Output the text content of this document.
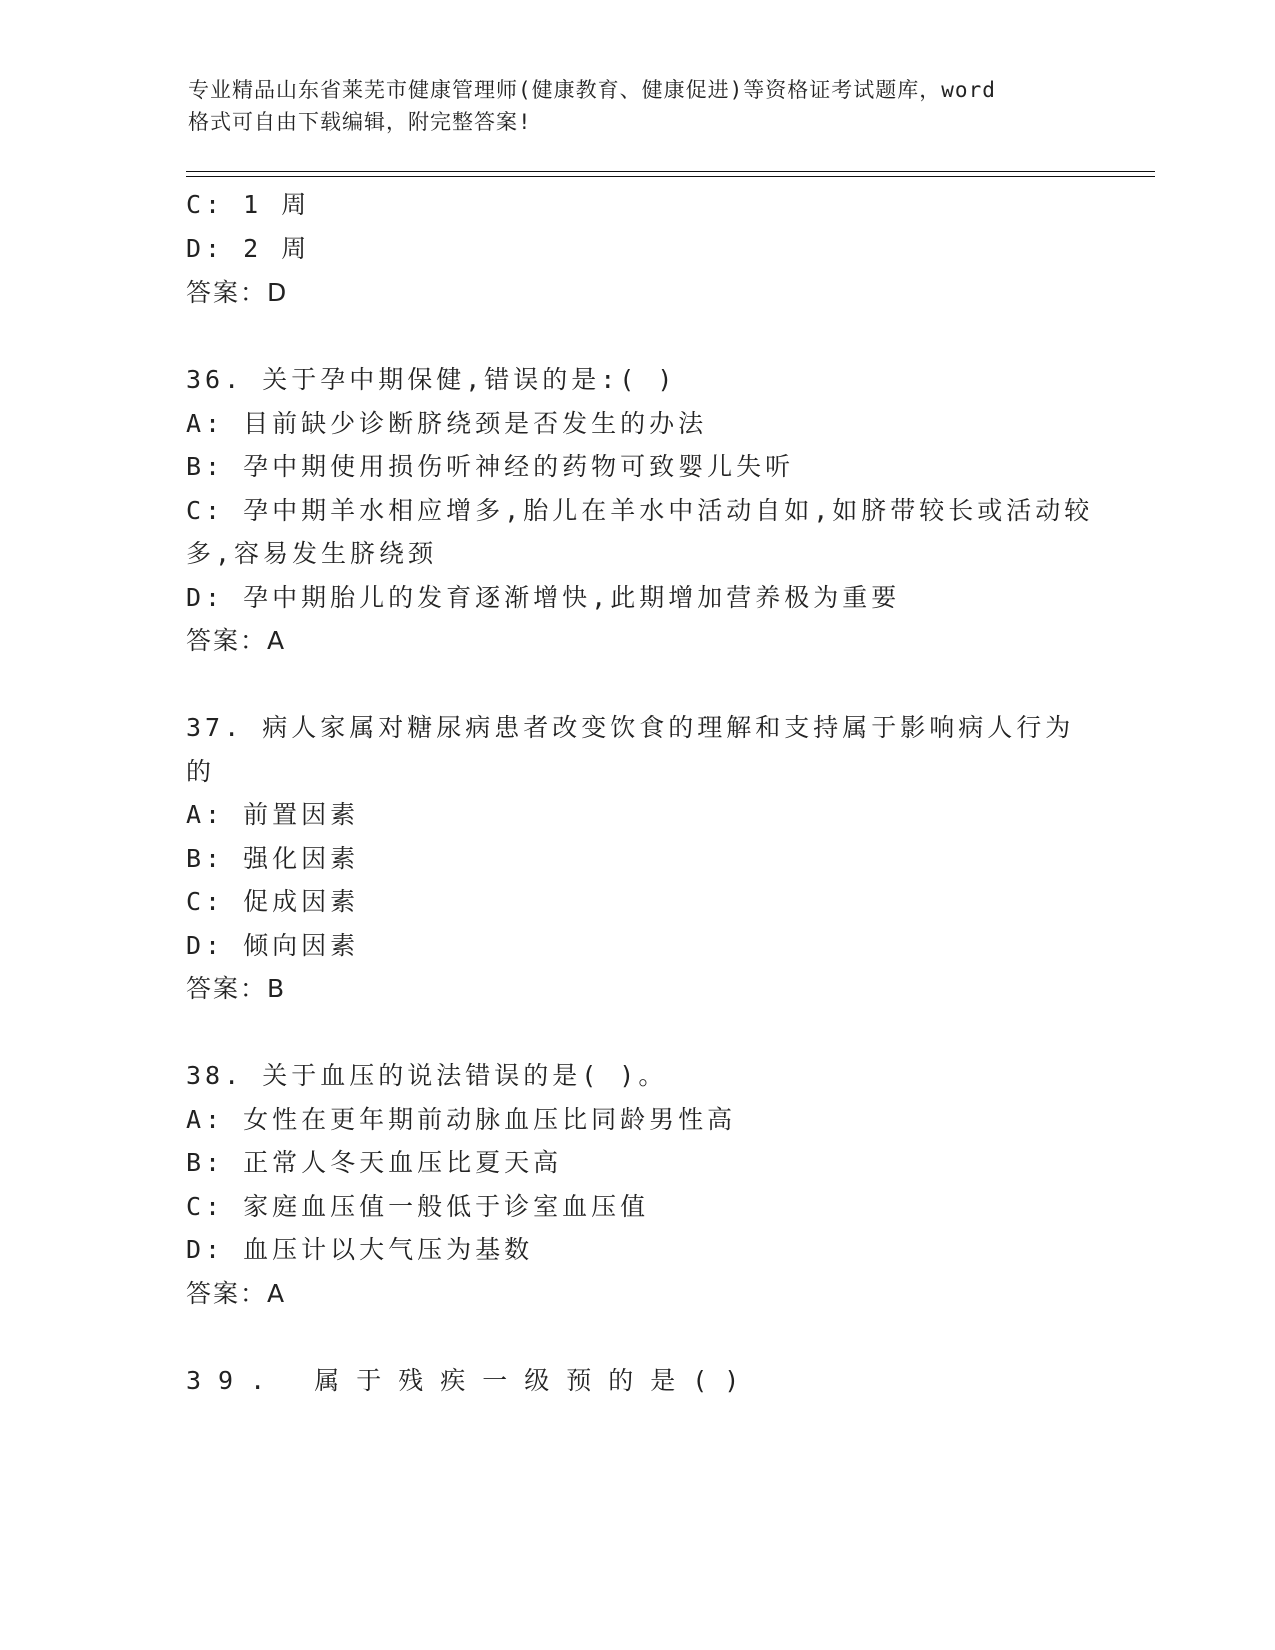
专业精品山东省莱芜市健康管理师(健康教育、健康促进)等资格证考试题库，word
格式可自由下载编辑，附完整答案!
C: 1 周
D: 2 周
答案：D
36. 关于孕中期保健,错误的是:( )
A: 目前缺少诊断脐绕颈是否发生的办法
B: 孕中期使用损伤听神经的药物可致婴儿失听
C: 孕中期羊水相应增多,胎儿在羊水中活动自如,如脐带较长或活动较
多,容易发生脐绕颈
D: 孕中期胎儿的发育逐渐增快,此期增加营养极为重要
答案：A
37. 病人家属对糖尿病患者改变饮食的理解和支持属于影响病人行为
的
A: 前置因素
B: 强化因素
C: 促成因素
D: 倾向因素
答案：B
38. 关于血压的说法错误的是( )。
A: 女性在更年期前动脉血压比同龄男性高
B: 正常人冬天血压比夏天高
C: 家庭血压值一般低于诊室血压值
D: 血压计以大气压为基数
答案：A
39. 属于残疾一级预的是()
